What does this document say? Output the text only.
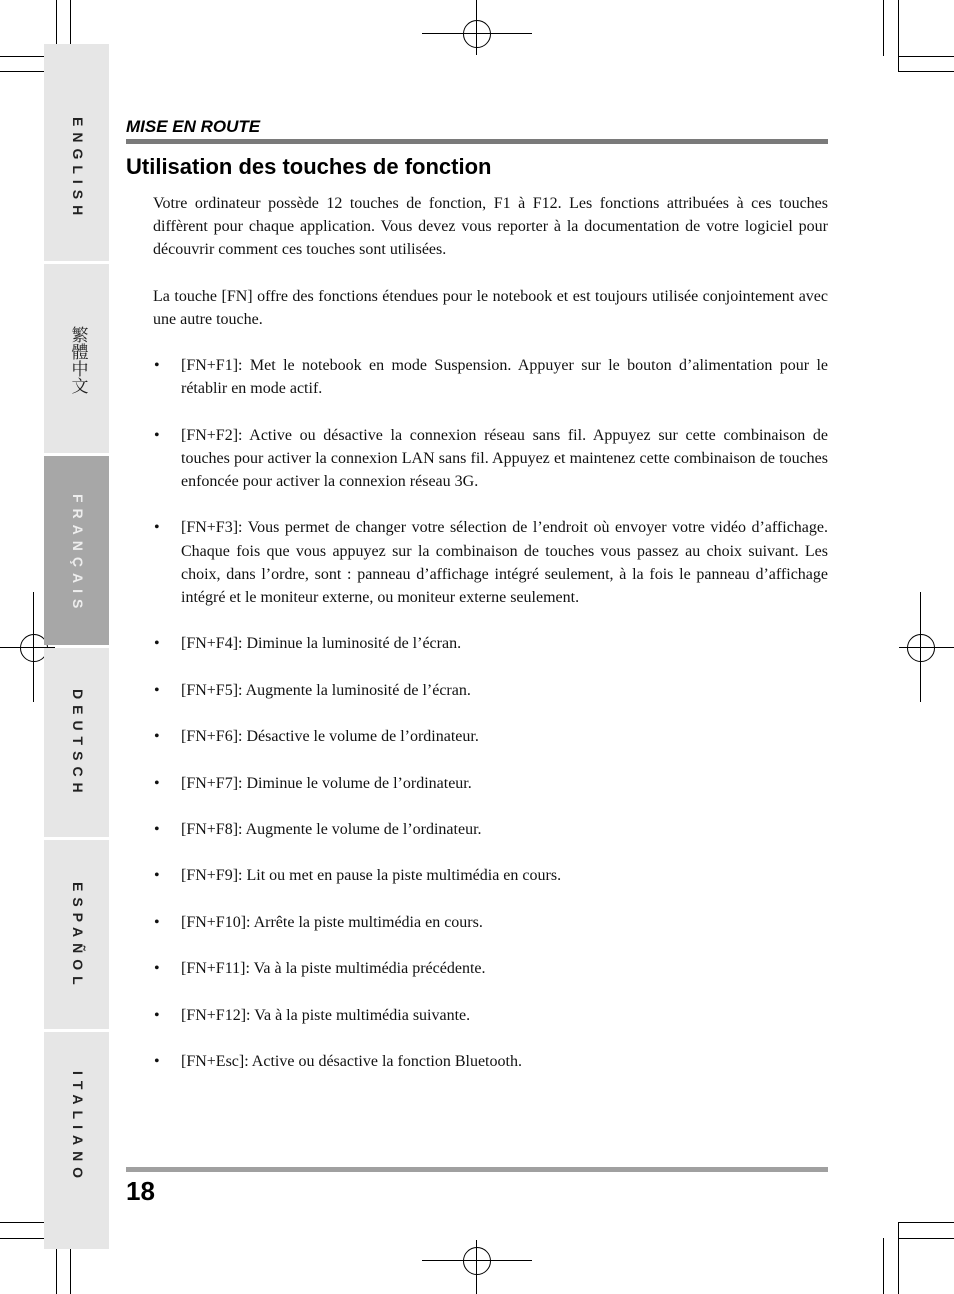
ENGLISH
繁體中文
FRANÇAIS
DEUTSCH
ESPAÑOL
ITALIANO
MISE EN ROUTE
Utilisation des touches de fonction

Votre ordinateur possède 12 touches de fonction, F1 à F12. Les fonctions attribuées à ces touches diffèrent pour chaque application. Vous devez vous reporter à la documentation de votre logiciel pour découvrir comment ces touches sont utilisées.

La touche [FN] offre des fonctions étendues pour le notebook et est toujours utilisée conjointement avec une autre touche.

• [FN+F1]: Met le notebook en mode Suspension. Appuyer sur le bouton d’alimentation pour le rétablir en mode actif.
• [FN+F2]: Active ou désactive la connexion réseau sans fil. Appuyez sur cette combinaison de touches pour activer la connexion LAN sans fil. Appuyez et maintenez cette combinaison de touches enfoncée pour activer la connexion réseau 3G.
• [FN+F3]: Vous permet de changer votre sélection de l’endroit où envoyer votre vidéo d’affichage. Chaque fois que vous appuyez sur la combinaison de touches vous passez au choix suivant. Les choix, dans l’ordre, sont : panneau d’affichage intégré seulement, à la fois le panneau d’affichage intégré et le moniteur externe, ou moniteur externe seulement.
• [FN+F4]: Diminue la luminosité de l’écran.
• [FN+F5]: Augmente la luminosité de l’écran.
• [FN+F6]: Désactive le volume de l’ordinateur.
• [FN+F7]: Diminue le volume de l’ordinateur.
• [FN+F8]: Augmente le volume de l’ordinateur.
• [FN+F9]: Lit ou met en pause la piste multimédia en cours.
• [FN+F10]: Arrête la piste multimédia en cours.
• [FN+F11]: Va à la piste multimédia précédente.
• [FN+F12]: Va à la piste multimédia suivante.
• [FN+Esc]: Active ou désactive la fonction Bluetooth.
18
